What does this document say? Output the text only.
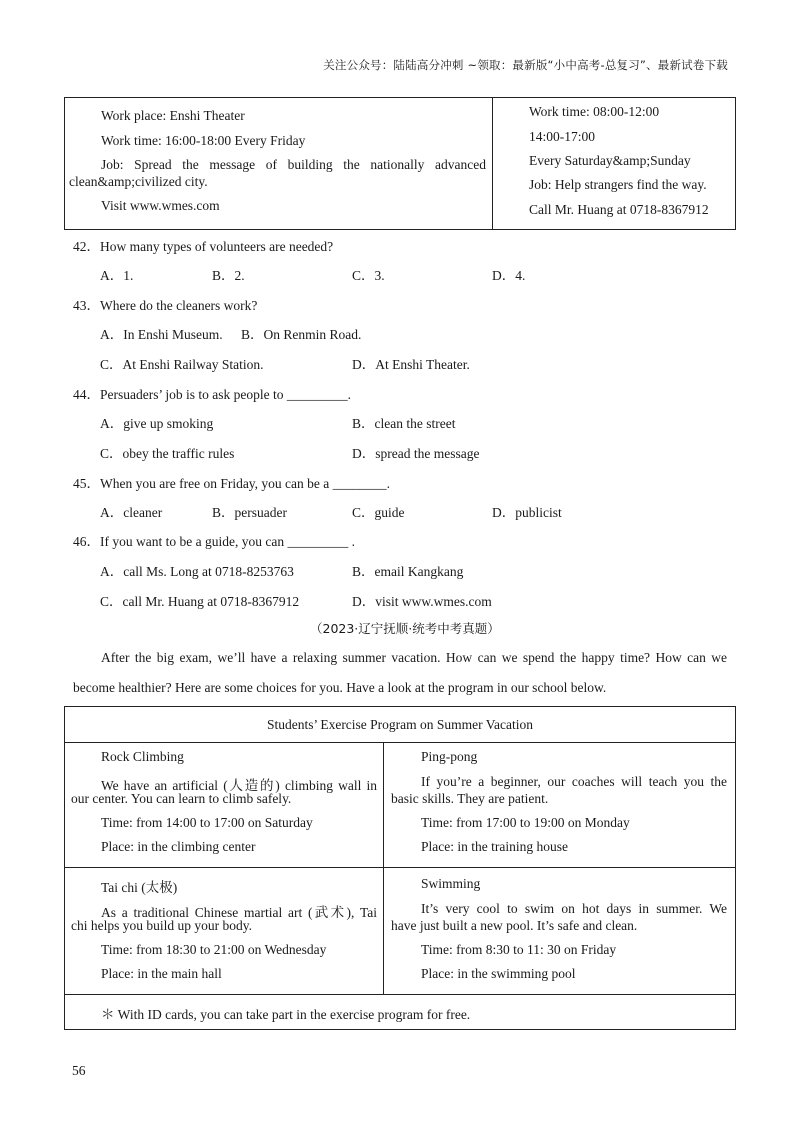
关注公众号：陆陆高分冲刺 ~领取：最新版“小中高考-总复习”、最新试卷下载
Work place: Enshi Theater
Work time: 16:00-18:00 Every Friday
Job: Spread the message of building the nationally advanced
clean&amp;civilized city.
Visit www.wmes.com
Work time: 08:00-12:00
14:00-17:00
Every Saturday&amp;Sunday
Job: Help strangers find the way.
Call Mr. Huang at 0718-8367912
42．How many types of volunteers are needed?
A．1.	B．2.	C．3.	D．4.
43．Where do the cleaners work?
A．In Enshi Museum. B．On Renmin Road.
C．At Enshi Railway Station.	D．At Enshi Theater.
44．Persuaders’ job is to ask people to _________.
A．give up smoking	B．clean the street
C．obey the traffic rules	D．spread the message
45．When you are free on Friday, you can be a ________.
A．cleaner	B．persuader	C．guide	D．publicist
46．If you want to be a guide, you can _________ .
A．call Ms. Long at 0718-8253763	B．email Kangkang
C．call Mr. Huang at 0718-8367912	D．visit www.wmes.com
（2023·辽宁抚顺·统考中考真题）
After the big exam, we’ll have a relaxing summer vacation. How can we spend the happy time? How can we
become healthier? Here are some choices for you. Have a look at the program in our school below.
Students’ Exercise Program on Summer Vacation
Rock Climbing
We have an artificial (人造的) climbing wall in
our center. You can learn to climb safely.
Time: from 14:00 to 17:00 on Saturday
Place: in the climbing center
Ping-pong
If you’re a beginner, our coaches will teach you the
basic skills. They are patient.
Time: from 17:00 to 19:00 on Monday
Place: in the training house
Tai chi (太极)
As a traditional Chinese martial art (武术), Tai
chi helps you build up your body.
Time: from 18:30 to 21:00 on Wednesday
Place: in the main hall
Swimming
It’s very cool to swim on hot days in summer. We
have just built a new pool. It’s safe and clean.
Time: from 8:30 to 11: 30 on Friday
Place: in the swimming pool
＊ With ID cards, you can take part in the exercise program for free.
56
